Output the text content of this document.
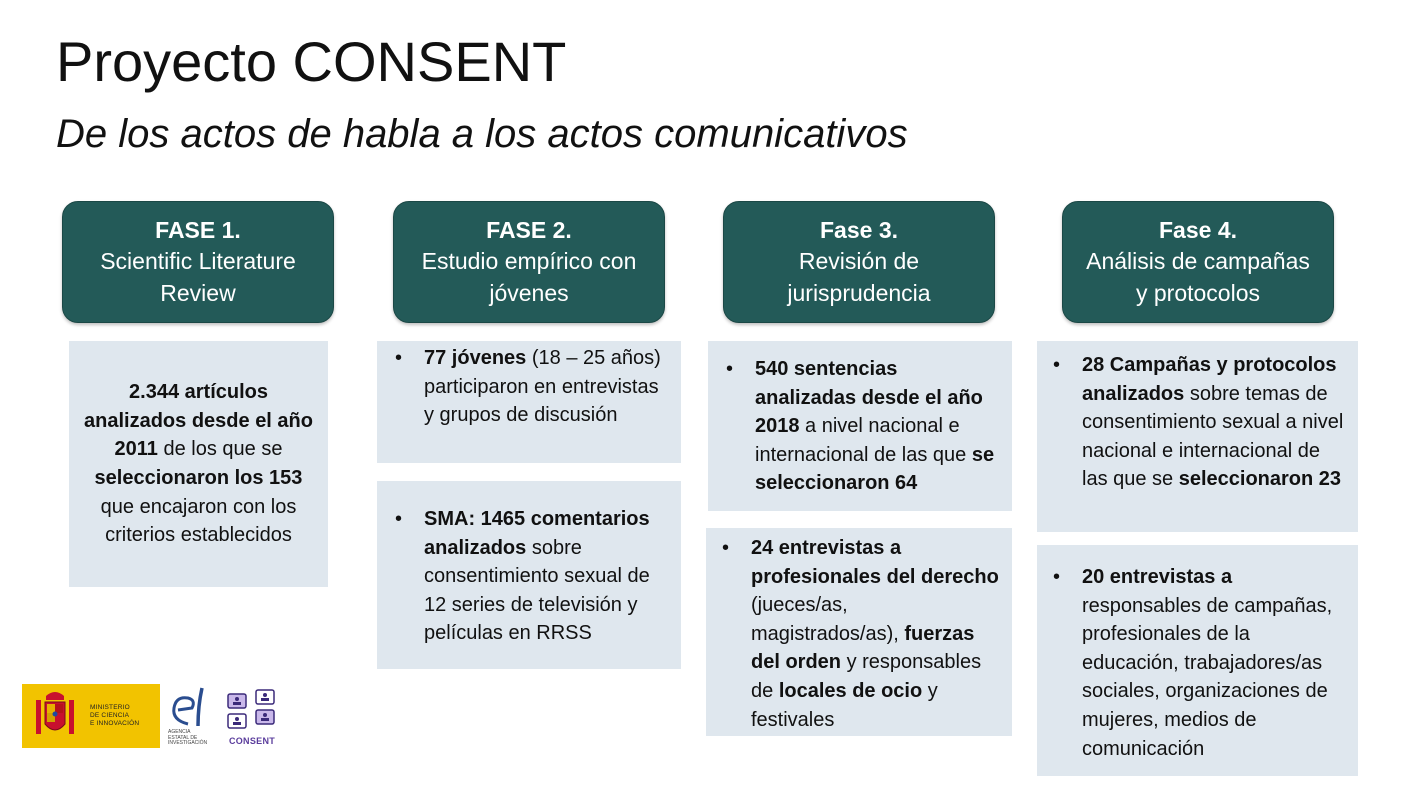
Proyecto CONSENT
De los actos de habla a los actos comunicativos
FASE 1.
Scientific Literature
Review
FASE 2.
Estudio empírico con
jóvenes
Fase 3.
Revisión de
jurisprudencia
Fase 4.
Análisis de campañas
y protocolos
2.344 artículos analizados desde el año 2011 de los que se seleccionaron los 153 que encajaron con los criterios establecidos
•	77 jóvenes (18 – 25 años) participaron en entrevistas y grupos de discusión
•	SMA: 1465 comentarios analizados sobre consentimiento sexual de 12 series de televisión y películas en RRSS
•	540 sentencias analizadas desde el año 2018 a nivel nacional e internacional de las que se seleccionaron 64
•	24 entrevistas a profesionales del derecho (jueces/as, magistrados/as), fuerzas del orden y responsables de locales de ocio y festivales
•	28 Campañas y protocolos analizados sobre temas de consentimiento sexual a nivel nacional e internacional de las que se seleccionaron 23
•	20 entrevistas a responsables de campañas, profesionales de la educación, trabajadores/as sociales, organizaciones de mujeres, medios de comunicación
MINISTERIO
DE CIENCIA
E INNOVACIÓN
AGENCIA
ESTATAL DE
INVESTIGACIÓN	CONSENT
